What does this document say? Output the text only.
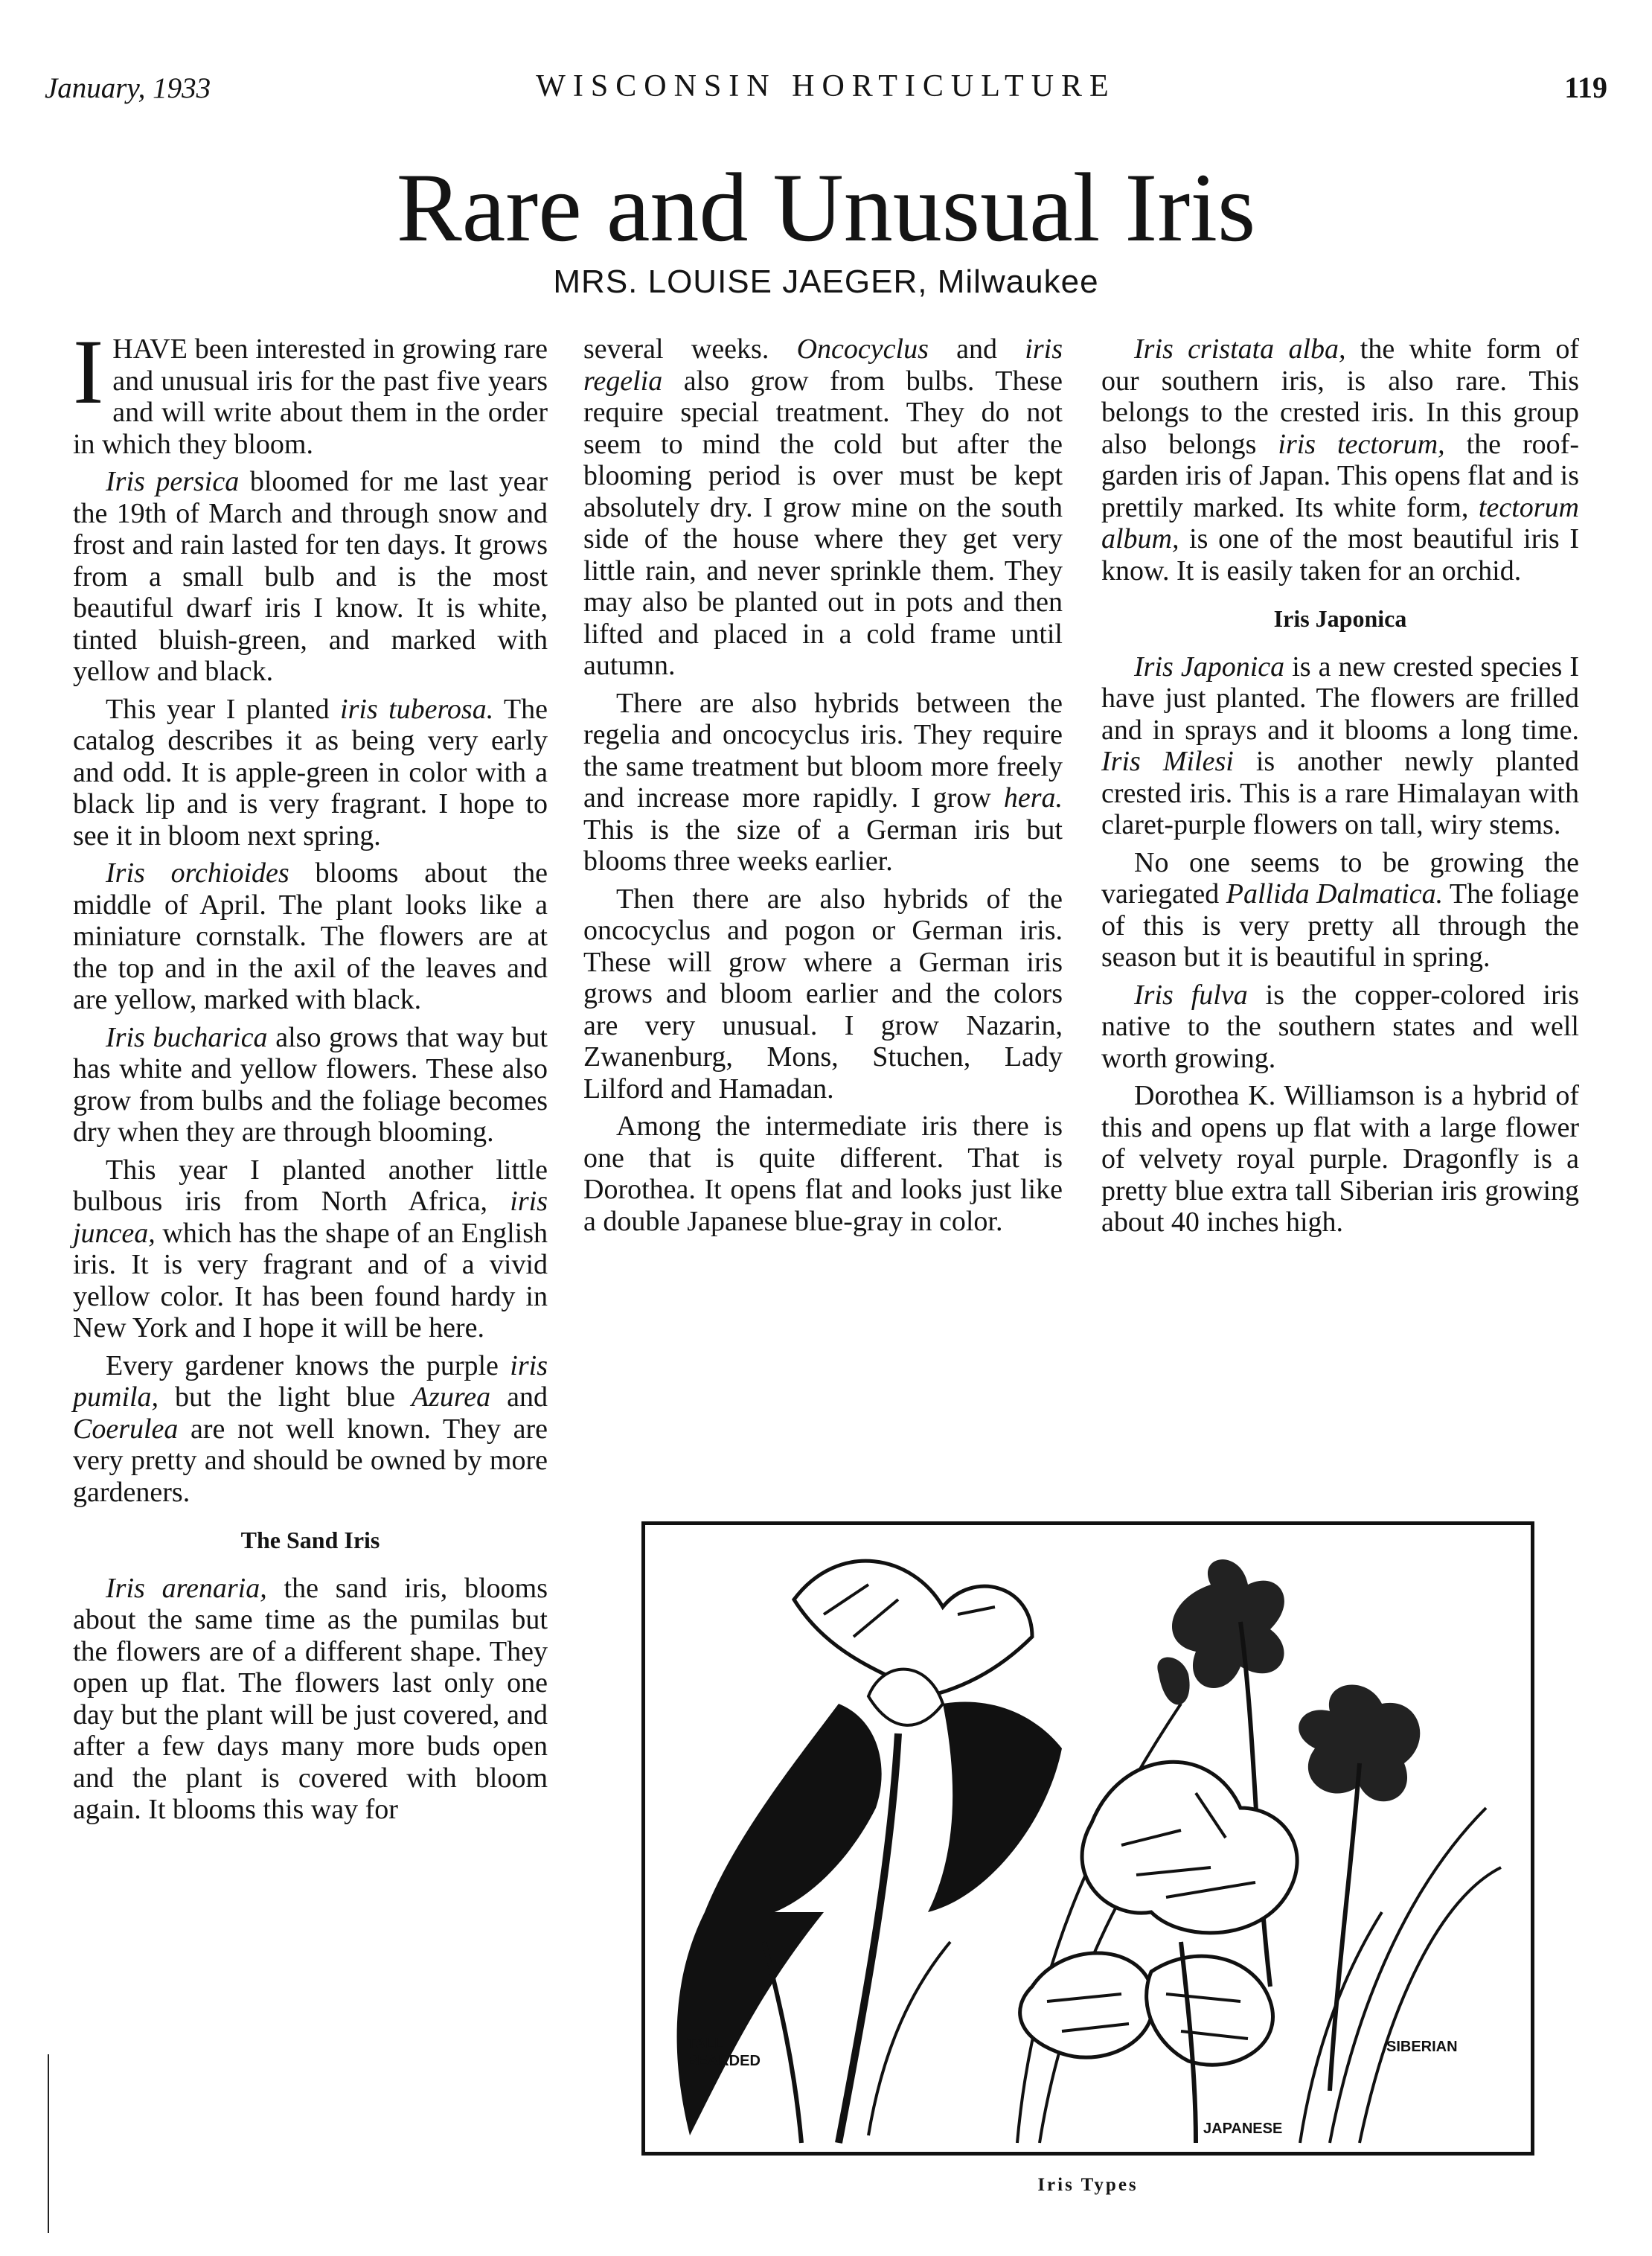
January, 1933	WISCONSIN HORTICULTURE	119
Rare and Unusual Iris
MRS. LOUISE JAEGER, Milwaukee

I HAVE been interested in growing rare and unusual iris for the past five years and will write about them in the order in which they bloom.

Iris persica bloomed for me last year the 19th of March and through snow and frost and rain lasted for ten days. It grows from a small bulb and is the most beautiful dwarf iris I know. It is white, tinted bluish-green, and marked with yellow and black.

This year I planted iris tuberosa. The catalog describes it as being very early and odd. It is apple-green in color with a black lip and is very fragrant. I hope to see it in bloom next spring.

Iris orchioides blooms about the middle of April. The plant looks like a miniature cornstalk. The flowers are at the top and in the axil of the leaves and are yellow, marked with black.

Iris bucharica also grows that way but has white and yellow flowers. These also grow from bulbs and the foliage becomes dry when they are through blooming.

This year I planted another little bulbous iris from North Africa, iris juncea, which has the shape of an English iris. It is very fragrant and of a vivid yellow color. It has been found hardy in New York and I hope it will be here.

Every gardener knows the purple iris pumila, but the light blue Azurea and Coerulea are not well known. They are very pretty and should be owned by more gardeners.

The Sand Iris

Iris arenaria, the sand iris, blooms about the same time as the pumilas but the flowers are of a different shape. They open up flat. The flowers last only one day but the plant will be just covered, and after a few days many more buds open and the plant is covered with bloom again. It blooms this way for

several weeks. Oncocyclus and iris regelia also grow from bulbs. These require special treatment. They do not seem to mind the cold but after the blooming period is over must be kept absolutely dry. I grow mine on the south side of the house where they get very little rain, and never sprinkle them. They may also be planted out in pots and then lifted and placed in a cold frame until autumn.

There are also hybrids between the regelia and oncocyclus iris. They require the same treatment but bloom more freely and increase more rapidly. I grow hera. This is the size of a German iris but blooms three weeks earlier.

Then there are also hybrids of the oncocyclus and pogon or German iris. These will grow where a German iris grows and bloom earlier and the colors are very unusual. I grow Nazarin, Zwanenburg, Mons, Stuchen, Lady Lilford and Hamadan.

Among the intermediate iris there is one that is quite different. That is Dorothea. It opens flat and looks just like a double Japanese blue-gray in color.

Iris cristata alba, the white form of our southern iris, is also rare. This belongs to the crested iris. In this group also belongs iris tectorum, the roof-garden iris of Japan. This opens flat and is prettily marked. Its white form, tectorum album, is one of the most beautiful iris I know. It is easily taken for an orchid.

Iris Japonica

Iris Japonica is a new crested species I have just planted. The flowers are frilled and in sprays and it blooms a long time. Iris Milesi is another newly planted crested iris. This is a rare Himalayan with claret-purple flowers on tall, wiry stems.

No one seems to be growing the variegated Pallida Dalmatica. The foliage of this is very pretty all through the season but it is beautiful in spring.

Iris fulva is the copper-colored iris native to the southern states and well worth growing.

Dorothea K. Williamson is a hybrid of this and opens up flat with a large flower of velvety royal purple. Dragonfly is a pretty blue extra tall Siberian iris growing about 40 inches high.

TALL BEARDED
SIBERIAN
JAPANESE
Iris Types
